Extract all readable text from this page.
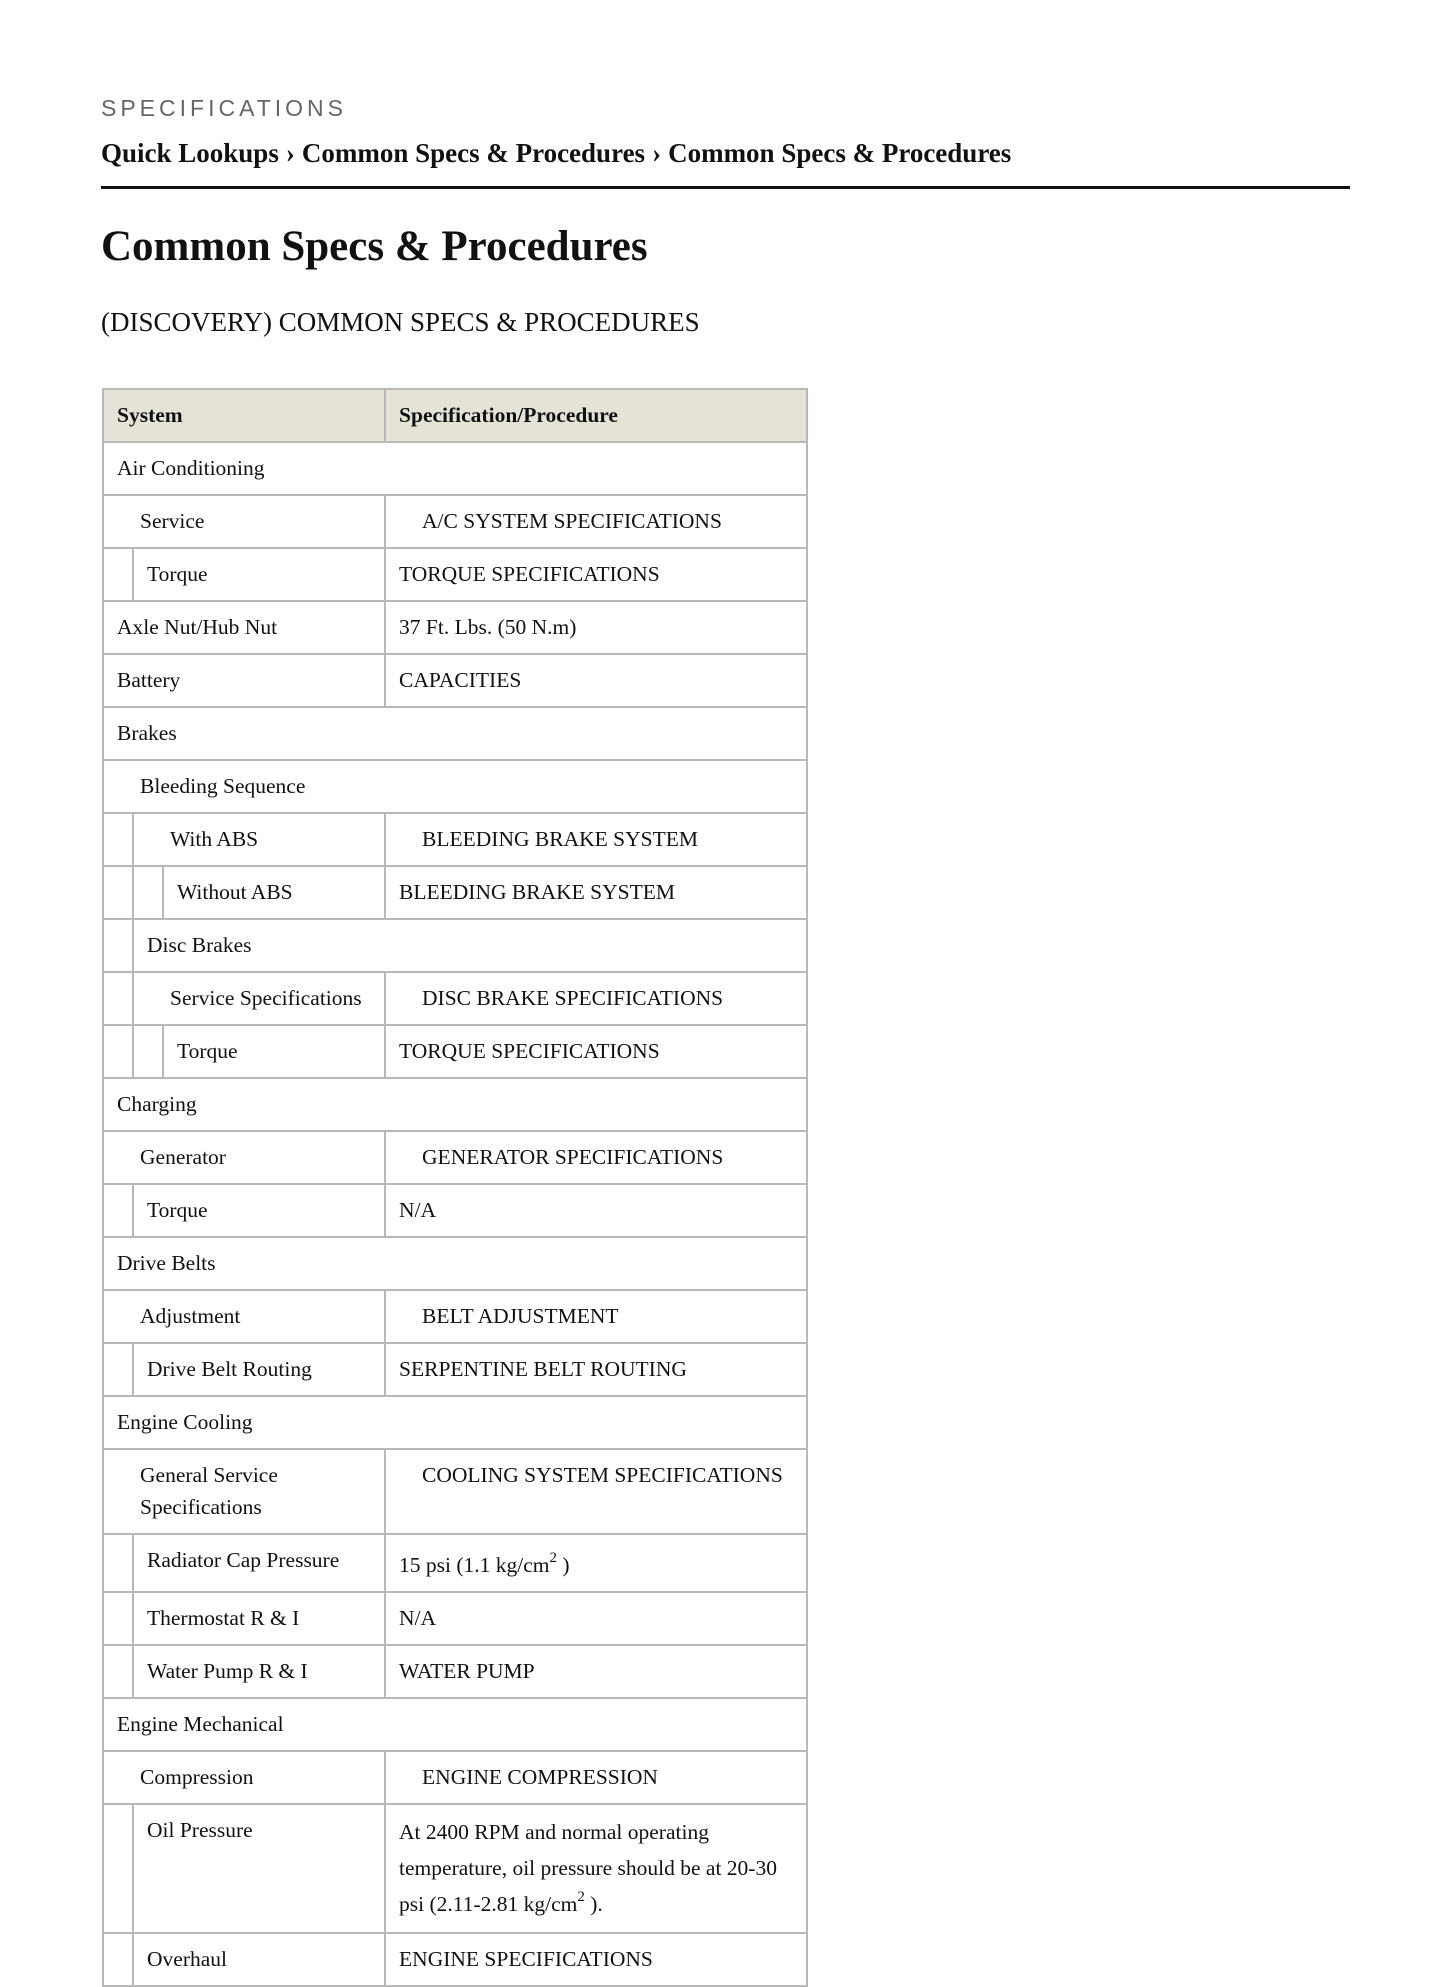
SPECIFICATIONS
Quick Lookups › Common Specs & Procedures › Common Specs & Procedures
Common Specs & Procedures
(DISCOVERY) COMMON SPECS & PROCEDURES
System			Specification/Procedure
Air Conditioning			
Service			A/C SYSTEM SPECIFICATIONS
	Torque		TORQUE SPECIFICATIONS
Axle Nut/Hub Nut			37 Ft. Lbs. (50 N.m)
Battery			CAPACITIES
Brakes			
Bleeding Sequence			
	With ABS		BLEEDING BRAKE SYSTEM
		Without ABS	BLEEDING BRAKE SYSTEM
	Disc Brakes		
	Service Specifications		DISC BRAKE SPECIFICATIONS
		Torque	TORQUE SPECIFICATIONS
Charging			
Generator			GENERATOR SPECIFICATIONS
	Torque		N/A
Drive Belts			
Adjustment			BELT ADJUSTMENT
	Drive Belt Routing		SERPENTINE BELT ROUTING
Engine Cooling			
General Service Specifications			COOLING SYSTEM SPECIFICATIONS
	Radiator Cap Pressure		15 psi (1.1 $kg/cm^2$ )
	Thermostat R & I		N/A
	Water Pump R & I		WATER PUMP
Engine Mechanical			
Compression			ENGINE COMPRESSION
	Oil Pressure		At 2400 RPM and normal operating temperature, oil pressure should be at 20-30 psi (2.11-2.81 $kg/cm^2$ ).
	Overhaul		ENGINE SPECIFICATIONS
